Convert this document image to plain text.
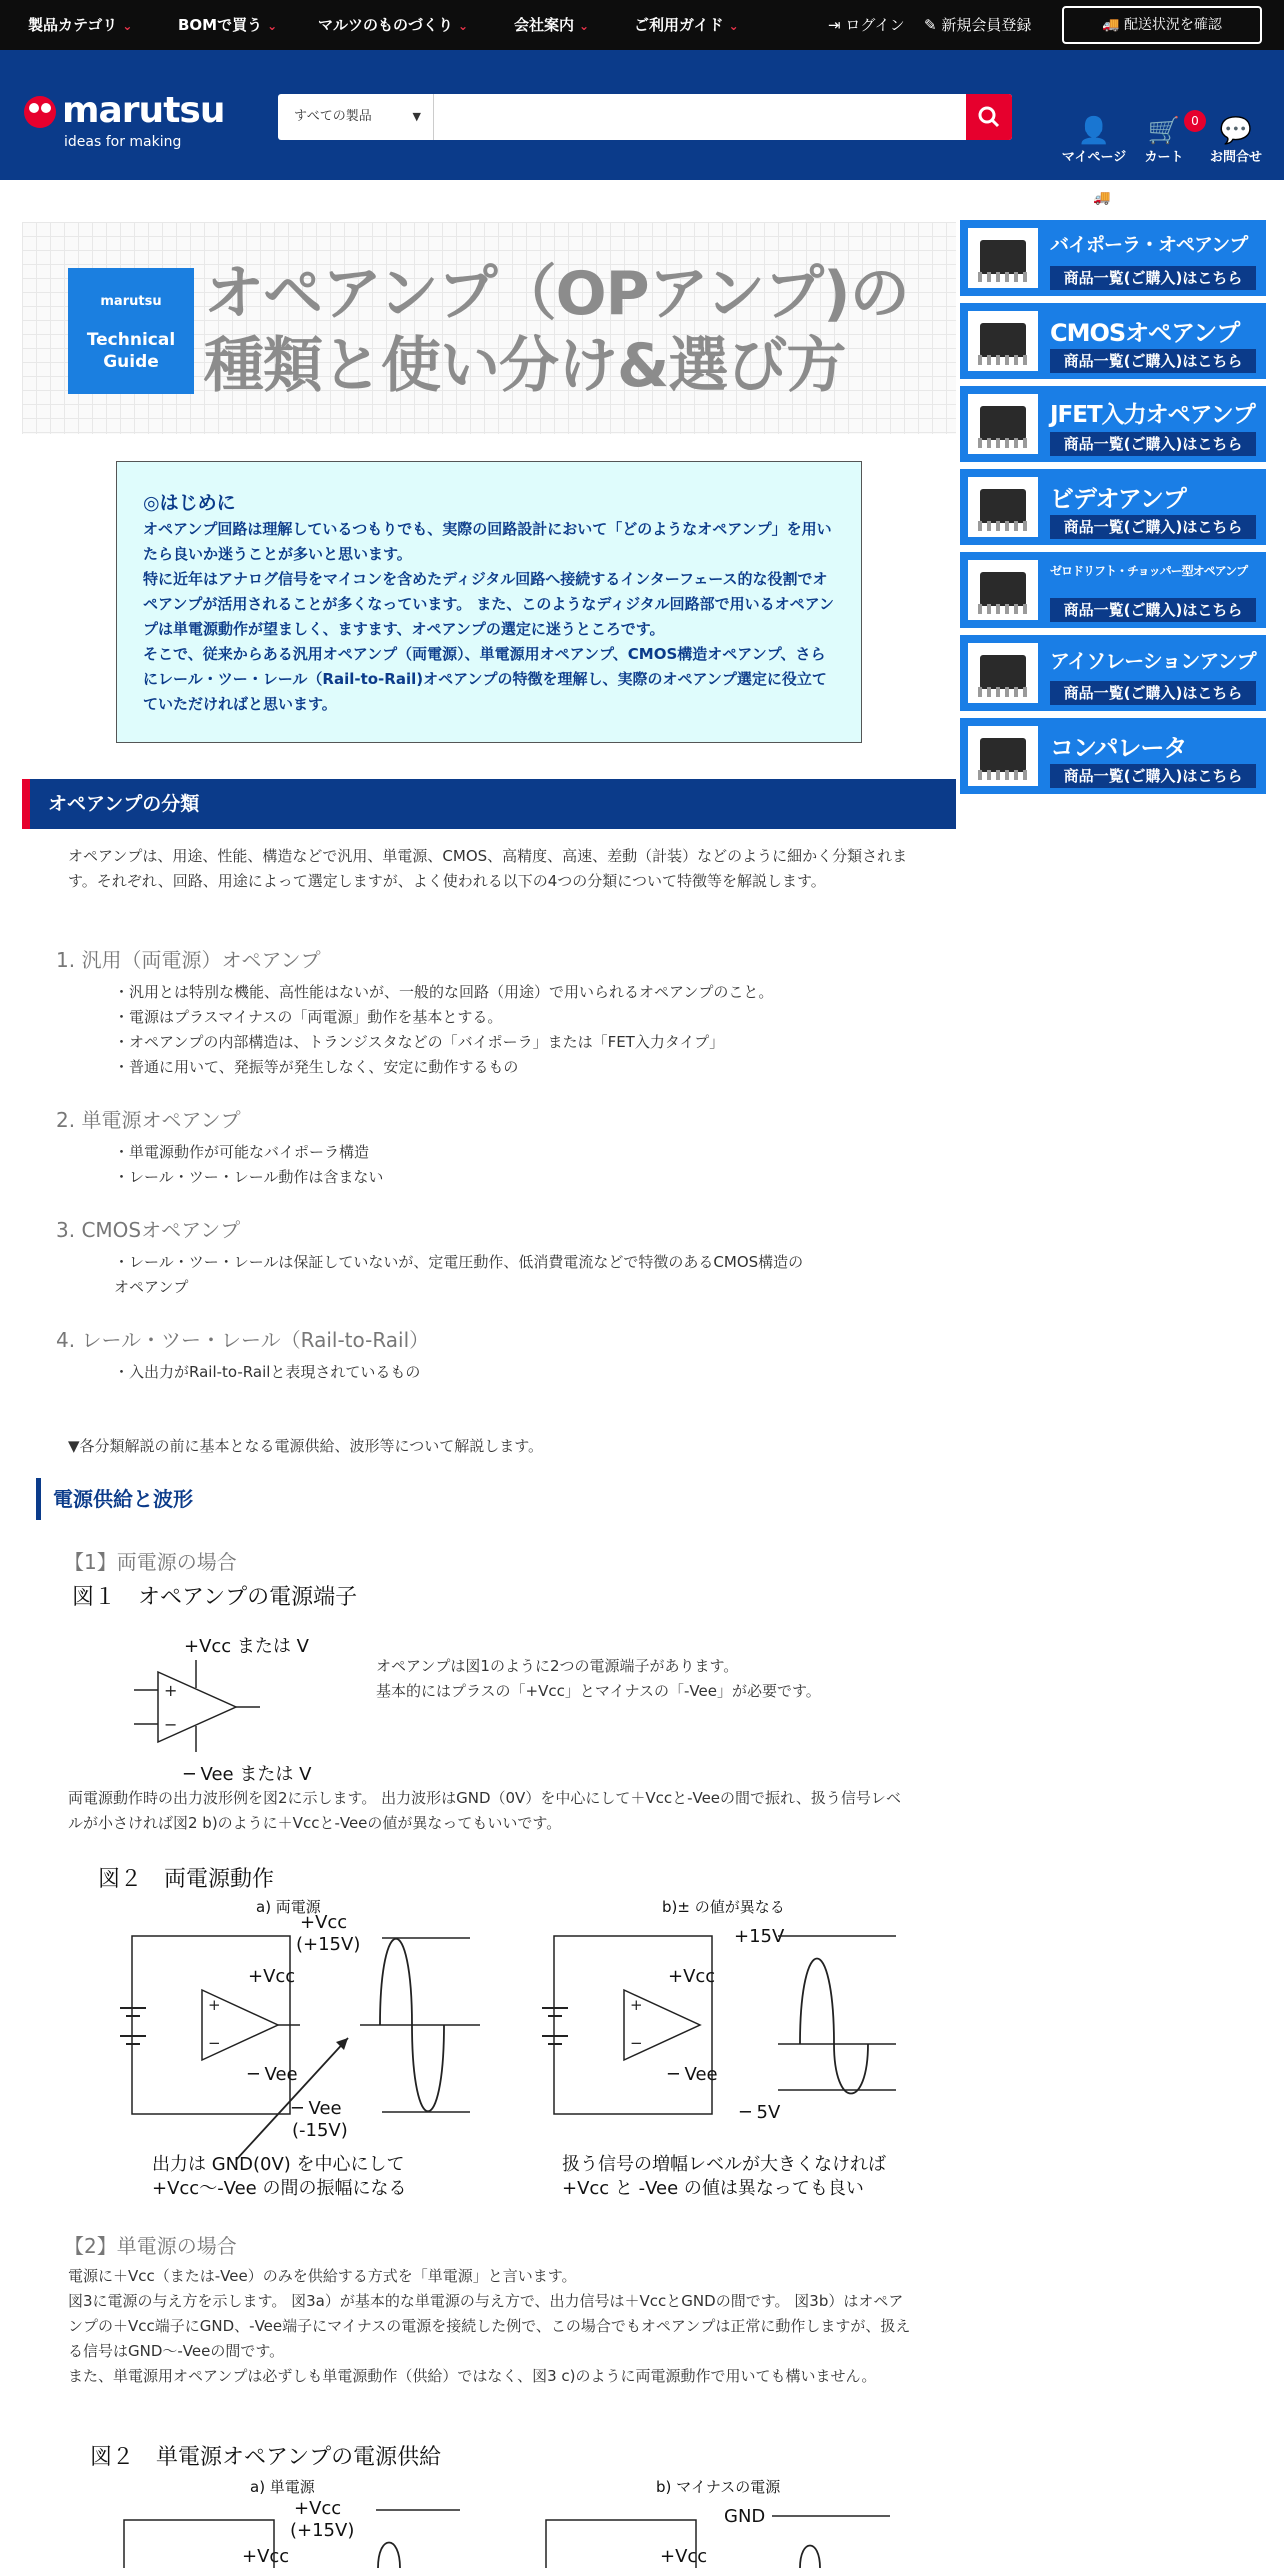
製品カテゴリ ⌄	BOMで買う ⌄	マルツのものづくり ⌄	会社案内 ⌄	ご利用ガイド ⌄	⇥ ログイン ✎ 新規会員登録	🚚 配送状況を確認
marutsu
ideas for making
すべての製品	▼	👤
マイページ
🛒
カート
0 💬
お問合せ
🚚 BOMアップロード
marutsu
Technical
Guide
オペアンプ（OPアンプ)の
種類と使い分け&選び方
◎はじめに

オペアンプ回路は理解しているつもりでも、実際の回路設計において「どのようなオペアンプ」を用いたら良いか迷うことが多いと思います。

特に近年はアナログ信号をマイコンを含めたディジタル回路へ接続するインターフェース的な役割でオペアンプが活用されることが多くなっています。 また、このようなディジタル回路部で用いるオペアンプは単電源動作が望ましく、ますます、オペアンプの選定に迷うところです。

そこで、従来からある汎用オペアンプ（両電源）、単電源用オペアンプ、CMOS構造オペアンプ、さらにレール・ツー・レール（Rail-to-Rail)オペアンプの特徴を理解し、実際のオペアンプ選定に役立てていただければと思います。

バイポーラ・オペアンプ
商品一覧(ご購入)はこちら
CMOSオペアンプ
商品一覧(ご購入)はこちら
JFET入力オペアンプ
商品一覧(ご購入)はこちら
ビデオアンプ
商品一覧(ご購入)はこちら
ゼロドリフト・チョッパー型オペアンプ
商品一覧(ご購入)はこちら
アイソレーションアンプ
商品一覧(ご購入)はこちら
コンパレータ
商品一覧(ご購入)はこちら
オペアンプの分類
オペアンプは、用途、性能、構造などで汎用、単電源、CMOS、高精度、高速、差動（計装）などのように細かく分類されます。それぞれ、回路、用途によって選定しますが、よく使われる以下の4つの分類について特徴等を解説します。
1. 汎用（両電源）オペアンプ
・汎用とは特別な機能、高性能はないが、一般的な回路（用途）で用いられるオペアンプのこと。
・電源はプラスマイナスの「両電源」動作を基本とする。
・オペアンプの内部構造は、トランジスタなどの「バイポーラ」または「FET入力タイプ」
・普通に用いて、発振等が発生しなく、安定に動作するもの
2. 単電源オペアンプ
・単電源動作が可能なバイポーラ構造
・レール・ツー・レール動作は含まない
3. CMOSオペアンプ
・レール・ツー・レールは保証していないが、定電圧動作、低消費電流などで特徴のあるCMOS構造の
オペアンプ
4. レール・ツー・レール（Rail-to-Rail）
・入出力がRail-to-Railと表現されているもの
▼各分類解説の前に基本となる電源供給、波形等について解説します。
電源供給と波形
【1】両電源の場合
図１　オペアンプの電源端子
+Vcc または V
─ Vee または V
+
−
オペアンプは図1のように2つの電源端子があります。
基本的にはプラスの「+Vcc」とマイナスの「-Vee」が必要です。
両電源動作時の出力波形例を図2に示します。 出力波形はGND（0V）を中心にして＋Vccと-Veeの間で振れ、扱う信号レベルが小さければ図2 b)のように＋Vccと-Veeの値が異なってもいいです。
図２　両電源動作
a) 両電源
+
−
+Vcc
─ Vee
+Vcc
(+15V)
─ Vee
(-15V)
出力は GND(0V) を中心にして
+Vcc〜-Vee の間の振幅になる
b)± の値が異なる
+
−
+Vcc
─ Vee
+15V
─ 5V
扱う信号の増幅レベルが大きくなければ
+Vcc と -Vee の値は異なっても良い
【2】単電源の場合
電源に＋Vcc（または-Vee）のみを供給する方式を「単電源」と言います。
図3に電源の与え方を示します。 図3a）が基本的な単電源の与え方で、出力信号は＋VccとGNDの間です。 図3b）はオペアンプの＋Vcc端子にGND、-Vee端子にマイナスの電源を接続した例で、この場合でもオペアンプは正常に動作しますが、扱える信号はGND〜-Veeの間です。
また、単電源用オペアンプは必ずしも単電源動作（供給）ではなく、図3 c)のように両電源動作で用いても構いません。
図２　単電源オペアンプの電源供給
a) 単電源
+Vcc
(+15V)
+Vcc
b) マイナスの電源
GND
+Vcc
